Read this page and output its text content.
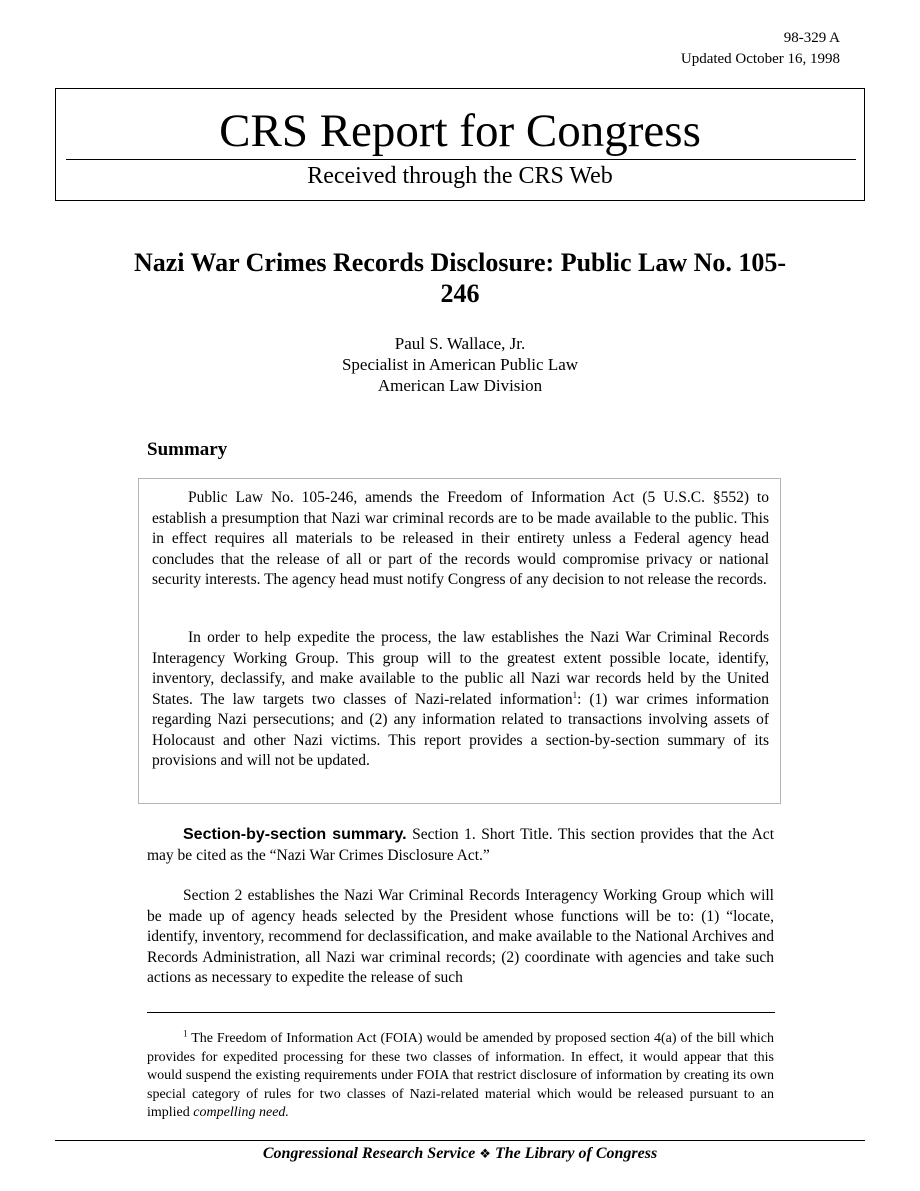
98-329 A
Updated October 16, 1998
CRS Report for Congress
Received through the CRS Web
Nazi War Crimes Records Disclosure: Public Law No. 105-246
Paul S. Wallace, Jr.
Specialist in American Public Law
American Law Division
Summary

Public Law No. 105-246, amends the Freedom of Information Act (5 U.S.C. §552) to establish a presumption that Nazi war criminal records are to be made available to the public. This in effect requires all materials to be released in their entirety unless a Federal agency head concludes that the release of all or part of the records would compromise privacy or national security interests. The agency head must notify Congress of any decision to not release the records.

In order to help expedite the process, the law establishes the Nazi War Criminal Records Interagency Working Group. This group will to the greatest extent possible locate, identify, inventory, declassify, and make available to the public all Nazi war records held by the United States. The law targets two classes of Nazi-related information$^1$: (1) war crimes information regarding Nazi persecutions; and (2) any information related to transactions involving assets of Holocaust and other Nazi victims. This report provides a section-by-section summary of its provisions and will not be updated.

Section-by-section summary. Section 1. Short Title. This section provides that the Act may be cited as the “Nazi War Crimes Disclosure Act.”

Section 2 establishes the Nazi War Criminal Records Interagency Working Group which will be made up of agency heads selected by the President whose functions will be to: (1) “locate, identify, inventory, recommend for declassification, and make available to the National Archives and Records Administration, all Nazi war criminal records; (2) coordinate with agencies and take such actions as necessary to expedite the release of such

$^1$ The Freedom of Information Act (FOIA) would be amended by proposed section 4(a) of the bill which provides for expedited processing for these two classes of information. In effect, it would appear that this would suspend the existing requirements under FOIA that restrict disclosure of information by creating its own special category of rules for two classes of Nazi-related material which would be released pursuant to an implied compelling need.

Congressional Research Service ❖ The Library of Congress
